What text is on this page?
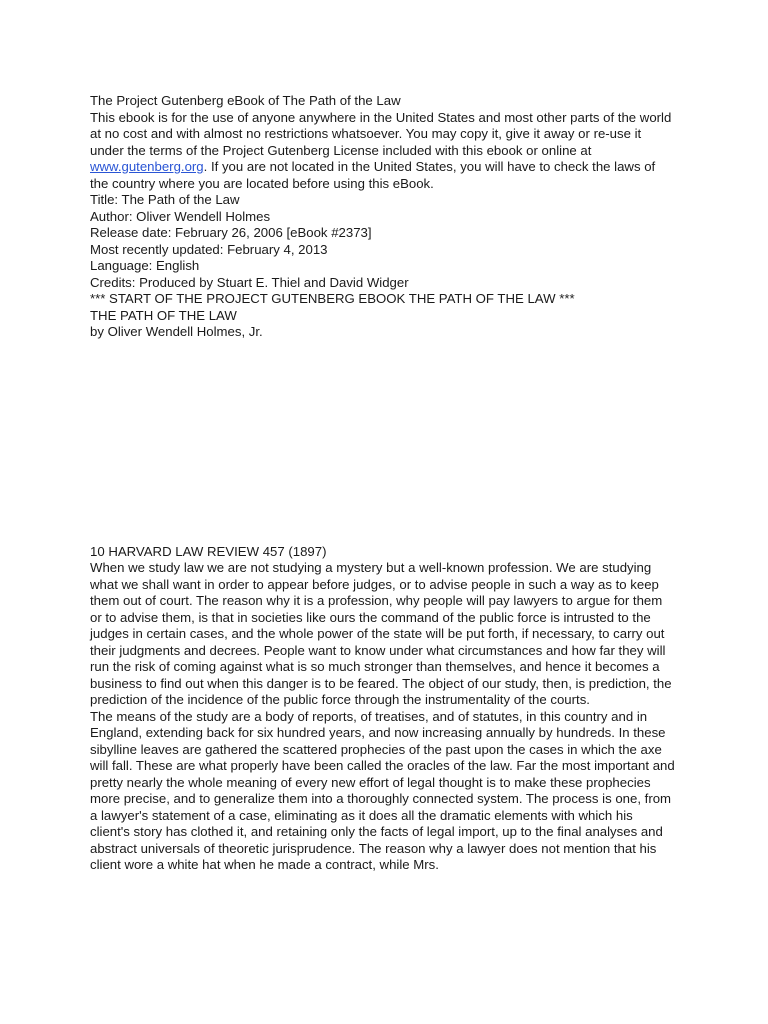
The Project Gutenberg eBook of The Path of the Law
This ebook is for the use of anyone anywhere in the United States and most other parts of the world at no cost and with almost no restrictions whatsoever. You may copy it, give it away or re-use it under the terms of the Project Gutenberg License included with this ebook or online at www.gutenberg.org. If you are not located in the United States, you will have to check the laws of the country where you are located before using this eBook.
Title: The Path of the Law
Author: Oliver Wendell Holmes
Release date: February 26, 2006 [eBook #2373]
Most recently updated: February 4, 2013
Language: English
Credits: Produced by Stuart E. Thiel and David Widger
*** START OF THE PROJECT GUTENBERG EBOOK THE PATH OF THE LAW ***
THE PATH OF THE LAW
by Oliver Wendell Holmes, Jr.
10 HARVARD LAW REVIEW 457 (1897)
When we study law we are not studying a mystery but a well-known profession. We are studying what we shall want in order to appear before judges, or to advise people in such a way as to keep them out of court. The reason why it is a profession, why people will pay lawyers to argue for them or to advise them, is that in societies like ours the command of the public force is intrusted to the judges in certain cases, and the whole power of the state will be put forth, if necessary, to carry out their judgments and decrees. People want to know under what circumstances and how far they will run the risk of coming against what is so much stronger than themselves, and hence it becomes a business to find out when this danger is to be feared. The object of our study, then, is prediction, the prediction of the incidence of the public force through the instrumentality of the courts.
The means of the study are a body of reports, of treatises, and of statutes, in this country and in England, extending back for six hundred years, and now increasing annually by hundreds. In these sibylline leaves are gathered the scattered prophecies of the past upon the cases in which the axe will fall. These are what properly have been called the oracles of the law. Far the most important and pretty nearly the whole meaning of every new effort of legal thought is to make these prophecies more precise, and to generalize them into a thoroughly connected system. The process is one, from a lawyer's statement of a case, eliminating as it does all the dramatic elements with which his client's story has clothed it, and retaining only the facts of legal import, up to the final analyses and abstract universals of theoretic jurisprudence. The reason why a lawyer does not mention that his client wore a white hat when he made a contract, while Mrs.
